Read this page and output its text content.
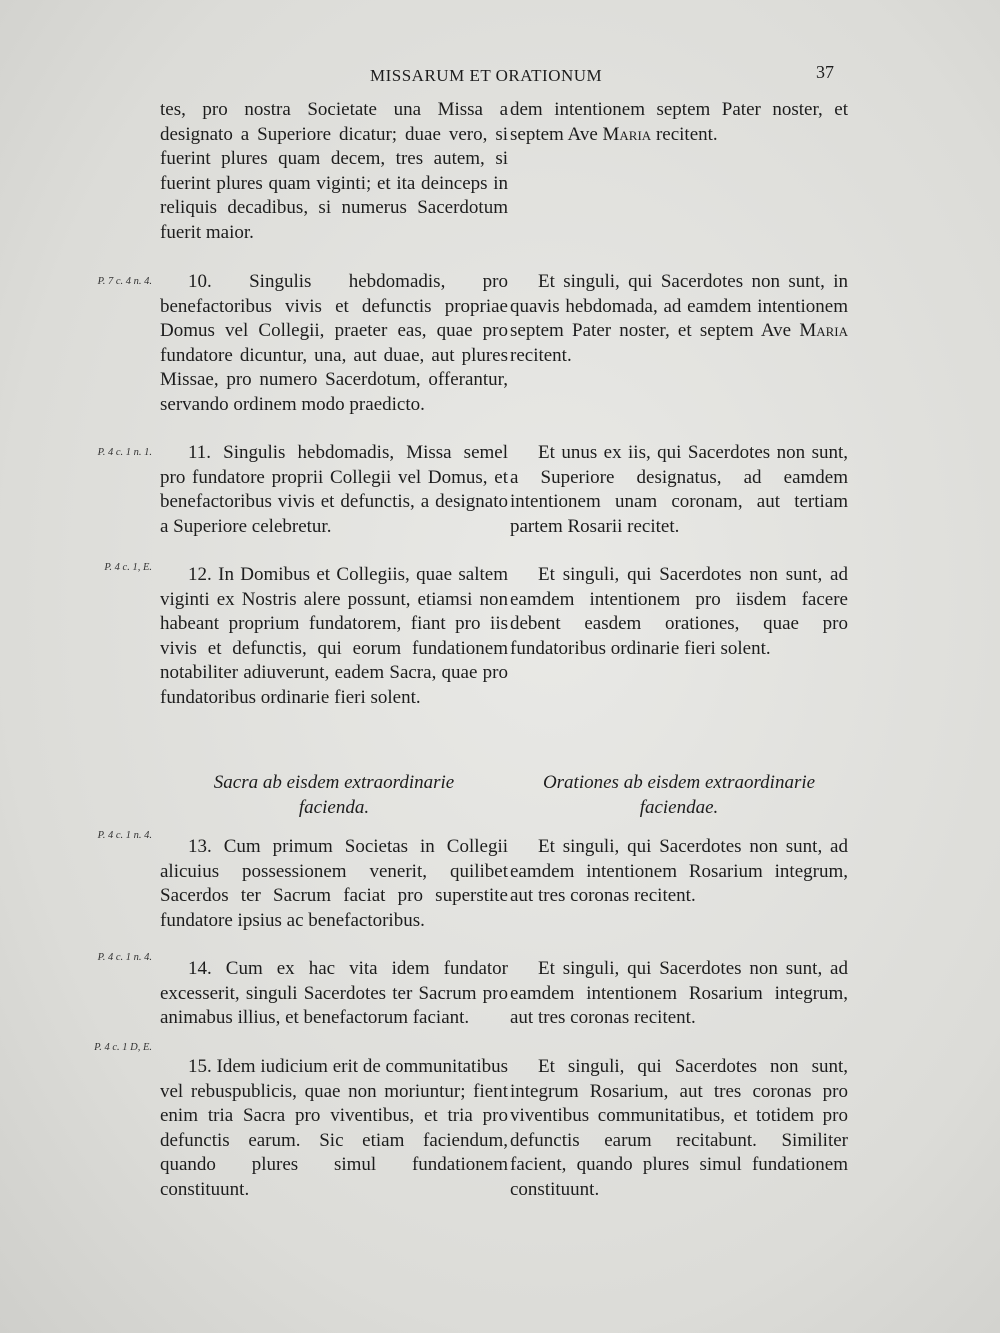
MISSARUM ET ORATIONUM	37
P. 7 c. 4 n. 4.
P. 4 c. 1 n. 1.
P. 4 c. 1, E.
P. 4 c. 1 n. 4.
P. 4 c. 1 n. 4.
P. 4 c. 1 D, E.

tes, pro nostra Societate una Missa a designato a Superiore dicatur; duae vero, si fuerint plures quam decem, tres autem, si fuerint plures quam viginti; et ita deinceps in reliquis decadibus, si numerus Sacerdotum fuerit maior.

10. Singulis hebdomadis, pro benefactoribus vivis et defunctis propriae Domus vel Collegii, praeter eas, quae pro fundatore dicuntur, una, aut duae, aut plures Missae, pro numero Sacerdotum, offerantur, servando ordinem modo praedicto.

11. Singulis hebdomadis, Missa semel pro fundatore proprii Collegii vel Domus, et benefactoribus vivis et defunctis, a designato a Superiore celebretur.

12. In Domibus et Collegiis, quae saltem viginti ex Nostris alere possunt, etiamsi non habeant proprium fundatorem, fiant pro iis vivis et defunctis, qui eorum fundationem notabiliter adiuverunt, eadem Sacra, quae pro fundatoribus ordinarie fieri solent.

Sacra ab eisdem extraordinarie facienda.

13. Cum primum Societas in Collegii alicuius possessionem venerit, quilibet Sacerdos ter Sacrum faciat pro superstite fundatore ipsius ac benefactoribus.

14. Cum ex hac vita idem fundator excesserit, singuli Sacerdotes ter Sacrum pro animabus illius, et benefactorum faciant.

15. Idem iudicium erit de communitatibus vel rebuspublicis, quae non moriuntur; fient enim tria Sacra pro viventibus, et tria pro defunctis earum. Sic etiam faciendum, quando plures simul fundationem constituunt.

dem intentionem septem Pater noster, et septem Ave Maria recitent.

Et singuli, qui Sacerdotes non sunt, in quavis hebdomada, ad eamdem intentionem septem Pater noster, et septem Ave Maria recitent.

Et unus ex iis, qui Sacerdotes non sunt, a Superiore designatus, ad eamdem intentionem unam coronam, aut tertiam partem Rosarii recitet.

Et singuli, qui Sacerdotes non sunt, ad eamdem intentionem pro iisdem facere debent easdem orationes, quae pro fundatoribus ordinarie fieri solent.

Orationes ab eisdem extraordinarie faciendae.

Et singuli, qui Sacerdotes non sunt, ad eamdem intentionem Rosarium integrum, aut tres coronas recitent.

Et singuli, qui Sacerdotes non sunt, ad eamdem intentionem Rosarium integrum, aut tres coronas recitent.

Et singuli, qui Sacerdotes non sunt, integrum Rosarium, aut tres coronas pro viventibus communitatibus, et totidem pro defunctis earum recitabunt. Similiter facient, quando plures simul fundationem constituunt.
